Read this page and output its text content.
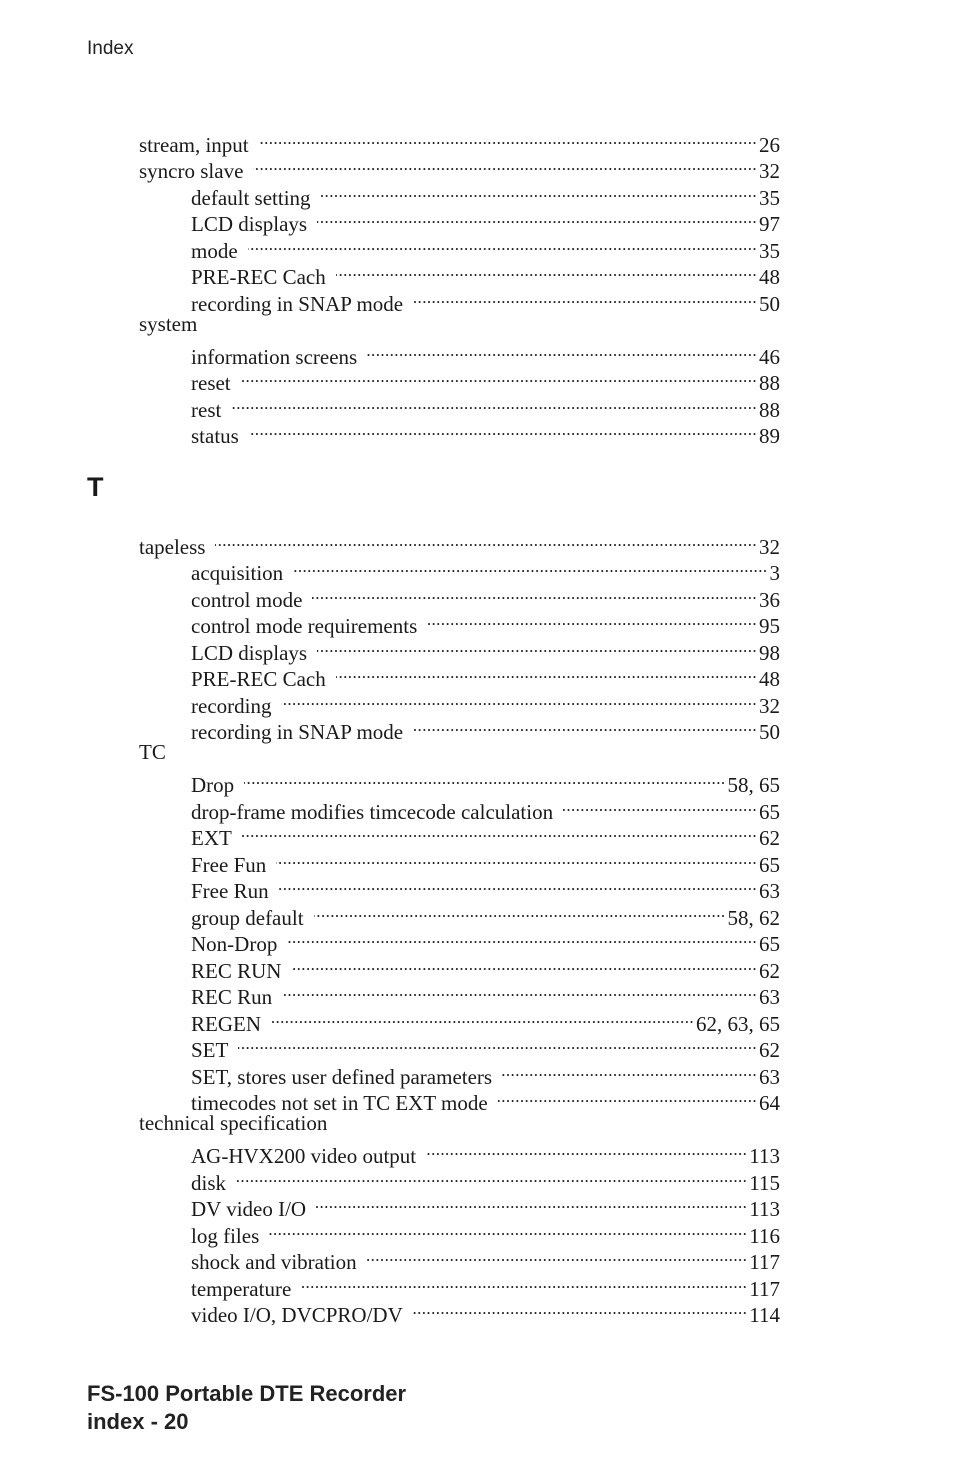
Index
stream, input .....	26
syncro slave .....	32
default setting .....	35
LCD displays .....	97
mode .....	35
PRE-REC Cach .....	48
recording in SNAP mode .....	50
system
information screens .....	46
reset .....	88
rest .....	88
status .....	89
T
tapeless .....	32
acquisition .....	3
control mode .....	36
control mode requirements .....	95
LCD displays .....	98
PRE-REC Cach .....	48
recording .....	32
recording in SNAP mode .....	50
TC
Drop .....	58, 65
drop-frame modifies timcecode calculation .....	65
EXT .....	62
Free Fun .....	65
Free Run .....	63
group default .....	58, 62
Non-Drop .....	65
REC RUN .....	62
REC Run .....	63
REGEN .....	62, 63, 65
SET .....	62
SET, stores user defined parameters .....	63
timecodes not set in TC EXT mode .....	64
technical specification
AG-HVX200 video output .....	113
disk .....	115
DV video I/O .....	113
log files .....	116
shock and vibration .....	117
temperature .....	117
video I/O, DVCPRO/DV .....	114
FS-100 Portable DTE Recorder
index - 20
